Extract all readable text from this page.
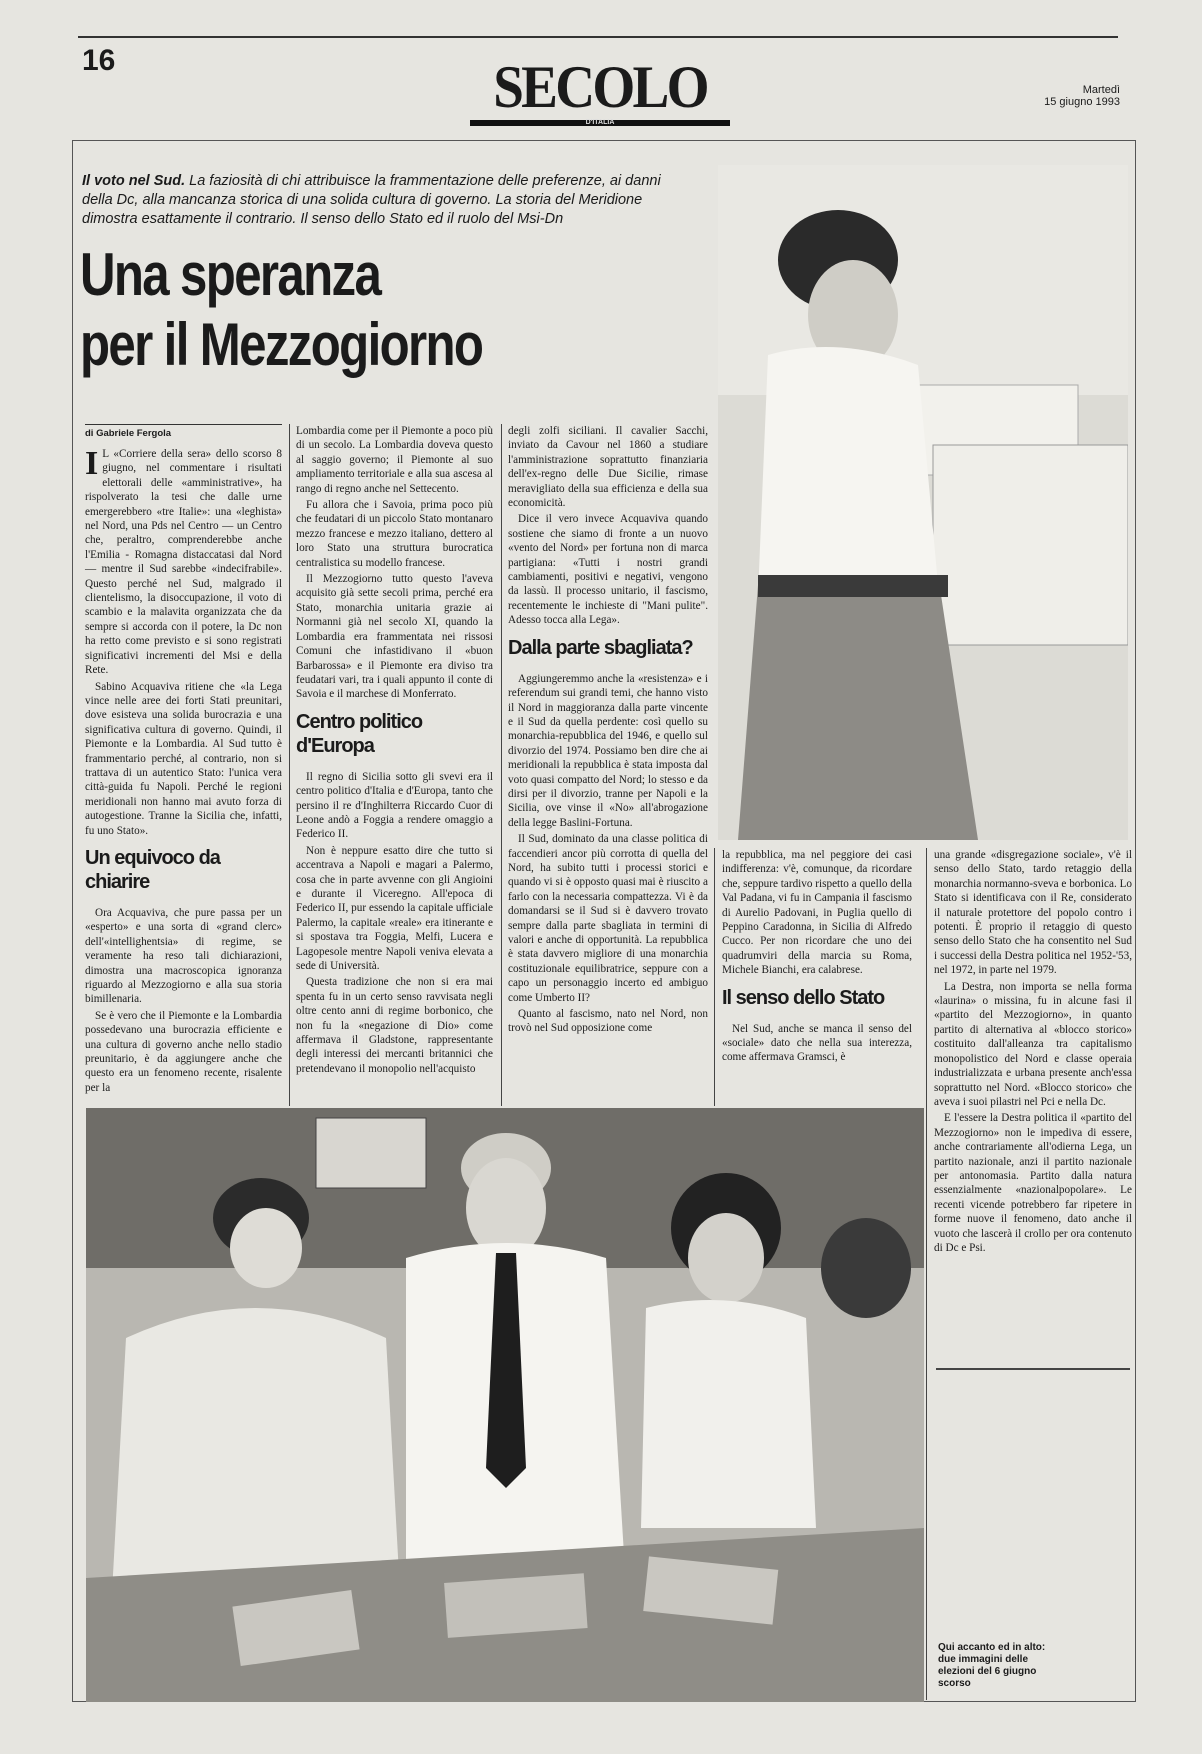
16	SECOLO
D'ITALIA
Martedì
15 giugno 1993
Il voto nel Sud. La faziosità di chi attribuisce la frammentazione delle preferenze, ai danni della Dc, alla mancanza storica di una solida cultura di governo. La storia del Meridione dimostra esattamente il contrario. Il senso dello Stato ed il ruolo del Msi-Dn
Una speranza
per il Mezzogiorno
di Gabriele Fergola

I L «Corriere della sera» dello scorso 8 giugno, nel commentare i risultati elettorali delle «amministrative», ha rispolverato la tesi che dalle urne emergerebbero «tre Italie»: una «leghista» nel Nord, una Pds nel Centro — un Centro che, peraltro, comprenderebbe anche l'Emilia - Romagna distaccatasi dal Nord — mentre il Sud sarebbe «indecifrabile». Questo perché nel Sud, malgrado il clientelismo, la disoccupazione, il voto di scambio e la malavita organizzata che da sempre si accorda con il potere, la Dc non ha retto come previsto e si sono registrati significativi incrementi del Msi e della Rete.

Sabino Acquaviva ritiene che «la Lega vince nelle aree dei forti Stati preunitari, dove esisteva una solida burocrazia e una significativa cultura di governo. Quindi, il Piemonte e la Lombardia. Al Sud tutto è frammentario perché, al contrario, non si trattava di un autentico Stato: l'unica vera città-guida fu Napoli. Perché le regioni meridionali non hanno mai avuto forza di autogestione. Tranne la Sicilia che, infatti, fu uno Stato».

Un equivoco da chiarire

Ora Acquaviva, che pure passa per un «esperto» e una sorta di «grand clerc» dell'«intellighentsia» di regime, se veramente ha reso tali dichiarazioni, dimostra una macroscopica ignoranza riguardo al Mezzogiorno e alla sua storia bimillenaria.

Se è vero che il Piemonte e la Lombardia possedevano una burocrazia efficiente e una cultura di governo anche nello stadio preunitario, è da aggiungere anche che questo era un fenomeno recente, risalente per la

Lombardia come per il Piemonte a poco più di un secolo. La Lombardia doveva questo al saggio governo; il Piemonte al suo ampliamento territoriale e alla sua ascesa al rango di regno anche nel Settecento.

Fu allora che i Savoia, prima poco più che feudatari di un piccolo Stato montanaro mezzo francese e mezzo italiano, dettero al loro Stato una struttura burocratica centralistica su modello francese.

Il Mezzogiorno tutto questo l'aveva acquisito già sette secoli prima, perché era Stato, monarchia unitaria grazie ai Normanni già nel secolo XI, quando la Lombardia era frammentata nei rissosi Comuni che infastidivano il «buon Barbarossa» e il Piemonte era diviso tra feudatari vari, tra i quali appunto il conte di Savoia e il marchese di Monferrato.

Centro politico d'Europa

Il regno di Sicilia sotto gli svevi era il centro politico d'Italia e d'Europa, tanto che persino il re d'Inghilterra Riccardo Cuor di Leone andò a Foggia a rendere omaggio a Federico II.

Non è neppure esatto dire che tutto si accentrava a Napoli e magari a Palermo, cosa che in parte avvenne con gli Angioini e durante il Viceregno. All'epoca di Federico II, pur essendo la capitale ufficiale Palermo, la capitale «reale» era itinerante e si spostava tra Foggia, Melfi, Lucera e Lagopesole mentre Napoli veniva elevata a sede di Università.

Questa tradizione che non si era mai spenta fu in un certo senso ravvisata negli oltre cento anni di regime borbonico, che non fu la «negazione di Dio» come affermava il Gladstone, rappresentante degli interessi dei mercanti britannici che pretendevano il monopolio nell'acquisto

degli zolfi siciliani. Il cavalier Sacchi, inviato da Cavour nel 1860 a studiare l'amministrazione soprattutto finanziaria dell'ex-regno delle Due Sicilie, rimase meravigliato della sua efficienza e della sua economicità.

Dice il vero invece Acquaviva quando sostiene che siamo di fronte a un nuovo «vento del Nord» per fortuna non di marca partigiana: «Tutti i nostri grandi cambiamenti, positivi e negativi, vengono da lassù. Il processo unitario, il fascismo, recentemente le inchieste di "Mani pulite". Adesso tocca alla Lega».

Dalla parte sbagliata?

Aggiungeremmo anche la «resistenza» e i referendum sui grandi temi, che hanno visto il Nord in maggioranza dalla parte vincente e il Sud da quella perdente: così quello su monarchia-repubblica del 1946, e quello sul divorzio del 1974. Possiamo ben dire che ai meridionali la repubblica è stata imposta dal voto quasi compatto del Nord; lo stesso e da dirsi per il divorzio, tranne per Napoli e la Sicilia, ove vinse il «No» all'abrogazione della legge Baslini-Fortuna.

Il Sud, dominato da una classe politica di faccendieri ancor più corrotta di quella del Nord, ha subito tutti i processi storici e quando vi si è opposto quasi mai è riuscito a farlo con la necessaria compattezza. Vi è da domandarsi se il Sud si è davvero trovato sempre dalla parte sbagliata in termini di valori e anche di opportunità. La repubblica è stata davvero migliore di una monarchia costituzionale equilibratrice, seppure con a capo un personaggio incerto ed ambiguo come Umberto II?

Quanto al fascismo, nato nel Nord, non trovò nel Sud opposizione come

la repubblica, ma nel peggiore dei casi indifferenza: v'è, comunque, da ricordare che, seppure tardivo rispetto a quello della Val Padana, vi fu in Campania il fascismo di Aurelio Padovani, in Puglia quello di Peppino Caradonna, in Sicilia di Alfredo Cucco. Per non ricordare che uno dei quadrumviri della marcia su Roma, Michele Bianchi, era calabrese.

Il senso dello Stato

Nel Sud, anche se manca il senso del «sociale» dato che nella sua interezza, come affermava Gramsci, è

una grande «disgregazione sociale», v'è il senso dello Stato, tardo retaggio della monarchia normanno-sveva e borbonica. Lo Stato si identificava con il Re, considerato il naturale protettore del popolo contro i potenti. È proprio il retaggio di questo senso dello Stato che ha consentito nel Sud i successi della Destra politica nel 1952-'53, nel 1972, in parte nel 1979.

La Destra, non importa se nella forma «laurina» o missina, fu in alcune fasi il «partito del Mezzogiorno», in quanto partito di alternativa al «blocco storico» costituito dall'alleanza tra capitalismo monopolistico del Nord e classe operaia industrializzata e urbana presente anch'essa soprattutto nel Nord. «Blocco storico» che aveva i suoi pilastri nel Pci e nella Dc.

E l'essere la Destra politica il «partito del Mezzogiorno» non le impediva di essere, anche contrariamente all'odierna Lega, un partito nazionale, anzi il partito nazionale per antonomasia. Partito dalla natura essenzialmente «nazionalpopolare». Le recenti vicende potrebbero far ripetere in forme nuove il fenomeno, dato anche il vuoto che lascerà il crollo per ora contenuto di Dc e Psi.

Qui accanto ed in alto: due immagini delle elezioni del 6 giugno scorso
